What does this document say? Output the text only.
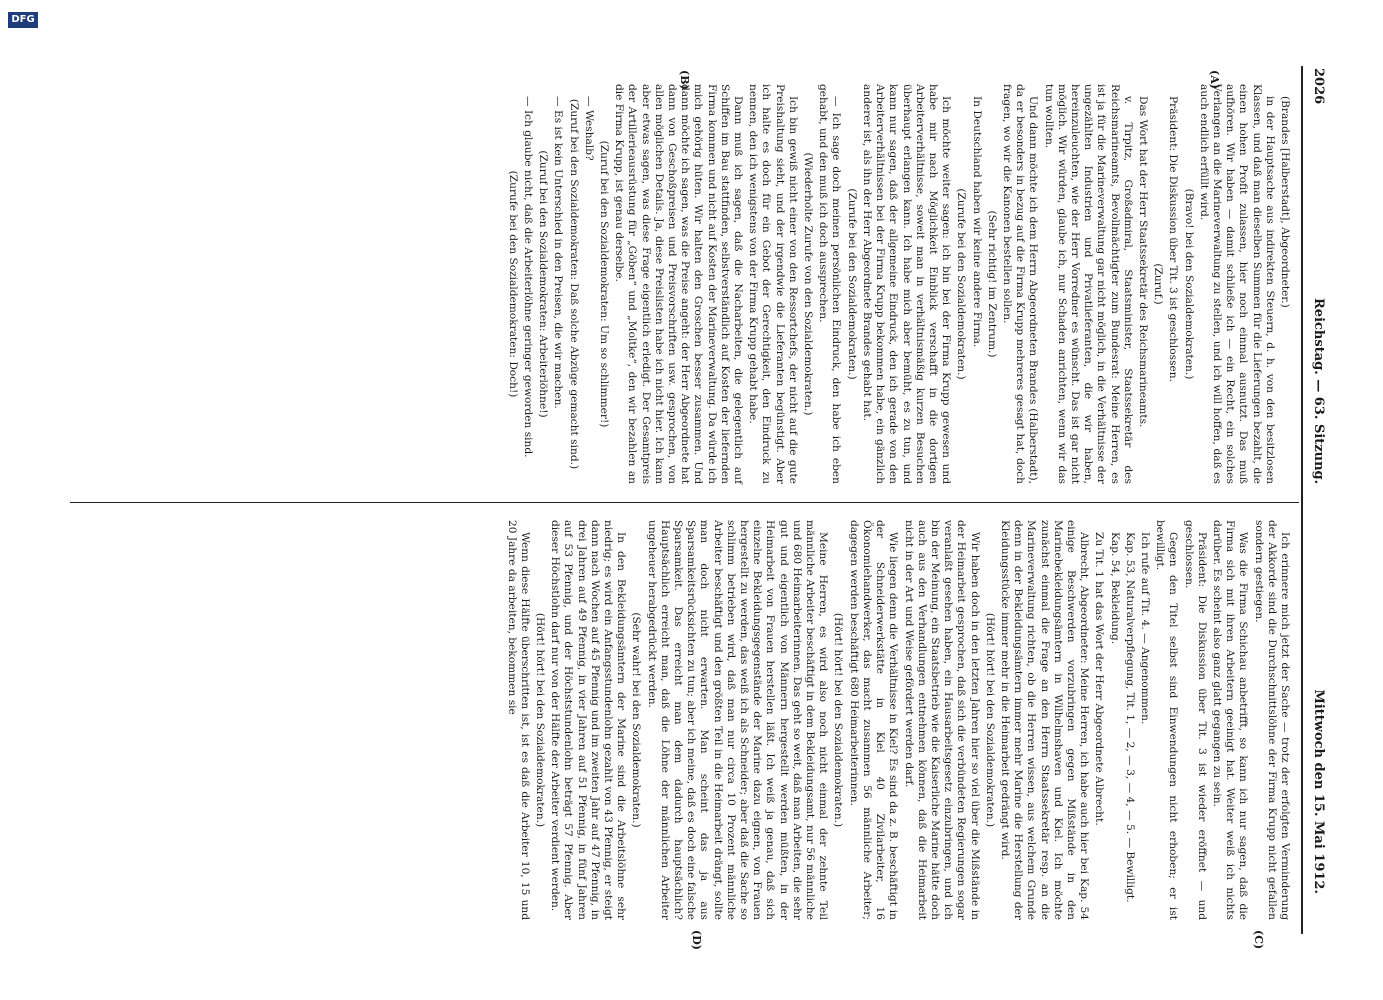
2026
Reichstag. — 63. Sitzung.
Mittwoch den 15. Mai 1912.
(A)
(B)
(C)
(D)

(Brandes [Halberstadt], Abgeordneter.)

in der Hauptsache aus indirekten Steuern, d. h. von den besitzlosen Klassen, und daß man dieselben Summen für die Lieferungen bezahlt, die einen hohen Profit zulassen, hier noch einmal ausnutzt. Das muß aufhören. Wir haben — damit schließe ich — ein Recht, ein solches Verlangen an die Marineverwaltung zu stellen, und ich will hoffen, daß es auch endlich erfüllt wird.

(Bravo! bei den Sozialdemokraten.)

Präsident: Die Diskussion über Tit. 3 ist geschlossen.

(Zuruf.)

Das Wort hat der Herr Staatssekretär des Reichsmarineamts.

v. Tirpitz, Großadmiral, Staatsminister, Staatssekretär des Reichsmarineamts, Bevollmächtigter zum Bundesrat: Meine Herren, es ist ja für die Marineverwaltung gar nicht möglich, in die Verhältnisse der ungezählten Industrien und Privatlieferanten, die wir haben, hereinzuleuchten, wie der Herr Vorredner es wünscht. Das ist gar nicht möglich. Wir würden, glaube ich, nur Schaden anrichten, wenn wir das tun wollten.

Und dann möchte ich dem Herrn Abgeordneten Brandes (Halberstadt), da er besonders in bezug auf die Firma Krupp mehreres gesagt hat, doch fragen, wo wir die Kanonen bestellen sollen.

(Sehr richtig! im Zentrum.)

In Deutschland haben wir keine andere Firma.

(Zurufe bei den Sozialdemokraten.)

Ich möchte weiter sagen: ich bin bei der Firma Krupp gewesen und habe mir nach Möglichkeit Einblick verschafft in die dortigen Arbeiterverhältnisse, soweit man in verhältnismäßig kurzen Besuchen überhaupt erlangen kann. Ich habe mich aber bemüht, es zu tun, und kann nur sagen, daß der allgemeine Eindruck, den ich gerade von den Arbeiterverhältnissen bei der Firma Krupp bekommen habe, ein gänzlich anderer ist, als ihn der Herr Abgeordnete Brandes gehabt hat.

(Zurufe bei den Sozialdemokraten.)

— Ich sage doch meinen persönlichen Eindruck, den habe ich eben gehabt, und den muß ich doch aussprechen.

(Wiederholte Zurufe von den Sozialdemokraten.)

Ich bin gewiß nicht einer von den Ressortchefs, der nicht auf die gute Preishaltung sieht, und der irgendwie die Lieferanten begünstigt. Aber ich halte es doch für ein Gebot der Gerechtigkeit, den Eindruck zu nennen, den ich wenigstens von der Firma Krupp gehabt habe.

Dann muß ich sagen, daß die Nacharbeiten, die gelegentlich auf Schiffen im Bau stattfinden, selbstverständlich auf Kosten der liefernden Firma kommen und nicht auf Kosten der Marineverwaltung. Da würde ich mich gehörig hüten. Wir halten den Groschen besser zusammen. Und dann möchte ich sagen, was die Preise angeht: der Herr Abgeordnete hat dann von Geschoßpreisen und Preisvorschriften usw. gesprochen, von allen möglichen Details. Ja, diese Preislisten habe ich nicht hier. Ich kann aber etwas sagen, was diese Frage eigentlich erledigt. Der Gesamtpreis der Artillerieausrüstung für „Göben“ und „Moltke“, den wir bezahlen an die Firma Krupp, ist genau derselbe.

(Zuruf bei den Sozialdemokraten: Um so schlimmer!)

— Weshalb?

(Zuruf bei den Sozialdemokraten: Daß solche Abzüge gemacht sind.)

— Es ist kein Unterschied in den Preisen, die wir machen.

(Zuruf bei den Sozialdemokraten: Arbeiterlöhne!)

— Ich glaube nicht, daß die Arbeiterlöhne geringer geworden sind.

(Zurufe bei den Sozialdemokraten: Doch!)

Ich erinnere mich jetzt der Sache — trotz der erfolgten Verminderung der Akkorde sind die Durchschnittslöhne der Firma Krupp nicht gefallen sondern gestiegen.

Was die Firma Schichau anbetrifft, so kann ich nur sagen, daß die Firma sich mit ihren Arbeitern geeinigt hat. Weiter weiß ich nichts darüber. Es scheint also ganz glatt gegangen zu sein.

Präsident: Die Diskussion über Tit. 3 ist wieder eröffnet — und geschlossen.

Gegen den Titel selbst sind Einwendungen nicht erhoben; er ist bewilligt.

Ich rufe auf Tit. 4. — Angenommen.

Kap. 53, Naturalverpflegung, Tit. 1, — 2, — 3, — 4, — 5. — Bewilligt.

Kap. 54, Bekleidung.

Zu Tit. 1 hat das Wort der Herr Abgeordnete Albrecht.

Albrecht, Abgeordneter: Meine Herren, ich habe auch hier bei Kap. 54 einige Beschwerden vorzubringen gegen Mißstände in den Marinebekleidungsämtern in Wilhelmshaven und Kiel. Ich möchte zunächst einmal die Frage an den Herrn Staatssekretär resp. an die Marineverwaltung richten, ob die Herren wissen, aus welchem Grunde denn in der Bekleidungsämtern immer mehr Marine die Herstellung der Kleidungsstücke immer mehr in die Heimarbeit gedrängt wird.

(Hört! hört! bei den Sozialdemokraten.)

Wir haben doch in den letzten Jahren hier so viel über die Mißstände in der Heimarbeit gesprochen, daß sich die verbündeten Regierungen sogar veranlaßt gesehen haben, ein Hausarbeitsgesetz einzubringen, und ich bin der Meinung, ein Staatsbetrieb wie die Kaiserliche Marine hätte doch auch aus den Verhandlungen entnehmen können, daß die Heimarbeit nicht in der Art und Weise gefördert werden darf.

Wie liegen denn die Verhältnisse in Kiel? Es sind da z. B. beschäftigt in der Schneiderwerkstätte in Kiel 40 Zivilarbeiter, 16 Ökonomiehandwerker, das macht zusammen 56 männliche Arbeiter; dagegen werden beschäftigt 680 Heimarbeiterinnen.

(Hört! hört! bei den Sozialdemokraten.)

Meine Herren, es wird also noch nicht einmal der zehnte Teil männliche Arbeiter beschäftigt in dem Bekleidungsamt, nur 56 männliche und 680 Heimarbeiterinnen. Das geht so weit, daß man Arbeiten, die sehr gut und eigentlich von Männern hergestellt werden müßten, in der Heimarbeit von Frauen herstellen läßt. Ich weiß ja genau, daß sich einzelne Bekleidungsgegenstände der Marine dazu eignen, von Frauen hergestellt zu werden, das weiß ich als Schneider; aber daß die Sache so schlimm betrieben wird, daß man nur circa 10 Prozent männliche Arbeiter beschäftigt und den größten Teil in die Heimarbeit drängt, sollte man doch nicht erwarten. Man scheint das ja aus Sparsamkeitsrücksichten zu tun; aber ich meine, daß es doch eine falsche Sparsamkeit. Das erreicht man dem dadurch hauptsächlich? Hauptsächlich erreicht man, daß die Löhne der männlichen Arbeiter ungeheuer herabgedrückt werden.

(Sehr wahr! bei den Sozialdemokraten.)

In den Bekleidungsämtern der Marine sind die Arbeitslöhne sehr niedrig; es wird ein Anfangsstundenlohn gezahlt von 43 Pfennig, er steigt dann nach Wochen auf 45 Pfennig und im zweiten Jahr auf 47 Pfennig, in drei Jahren auf 49 Pfennig, in vier Jahren auf 51 Pfennig, in fünf Jahren auf 53 Pfennig, und der Höchststundenlohn beträgt 57 Pfennig. Aber dieser Höchstlohn darf nur von der Hälfte der Arbeiter verdient werden.

(Hört! hört! bei den Sozialdemokraten.)

Wenn diese Hälfte überschritten ist, ist es daß die Arbeiter 10, 15 und 20 Jahre da arbeiten, bekommen sie

DFG
